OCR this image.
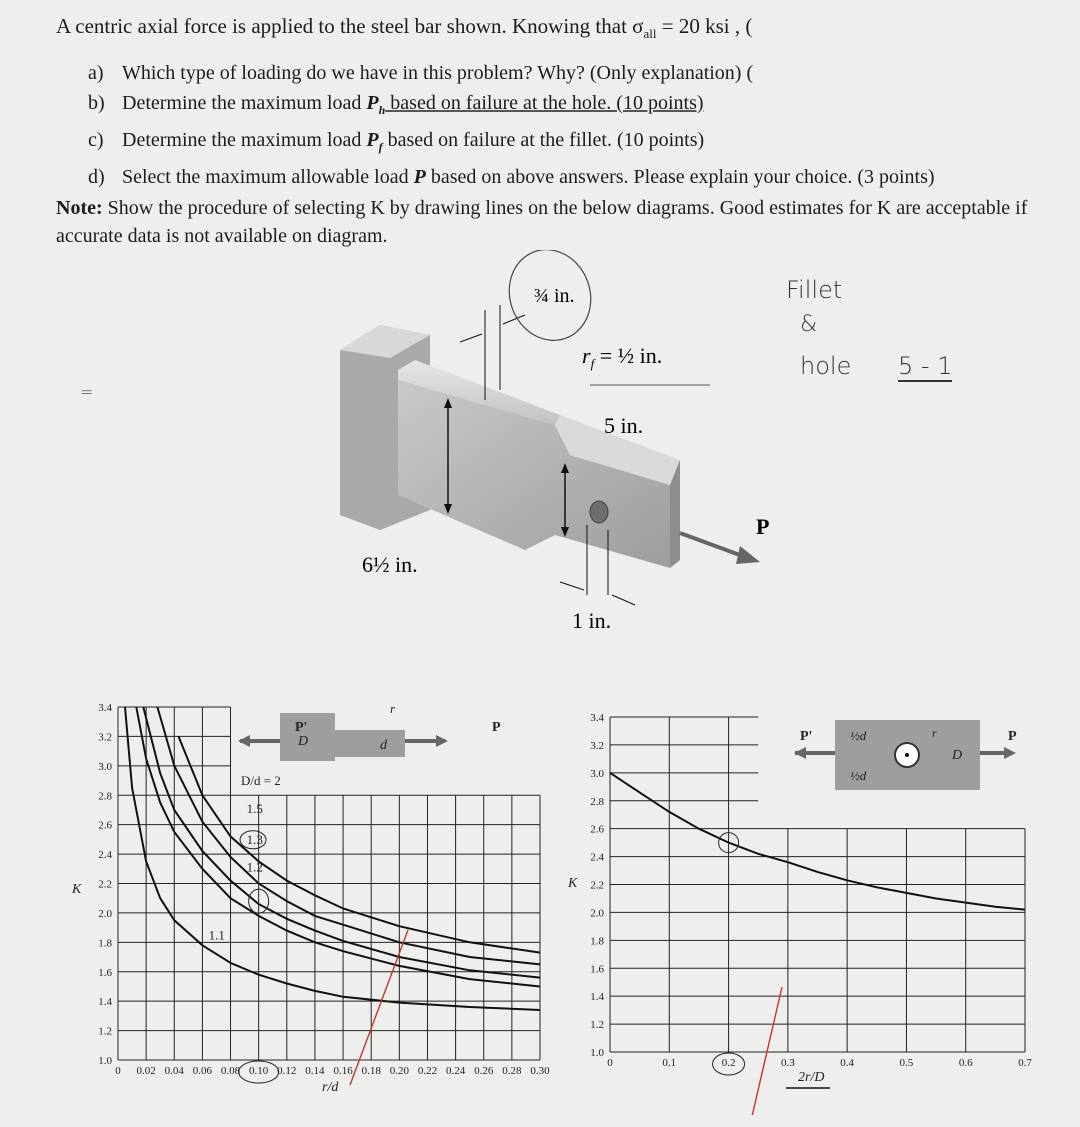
A centric axial force is applied to the steel bar shown. Knowing that $\sigma_{all} = 20$ ksi , (
a) Which type of loading do we have in this problem? Why? (Only explanation) (
b) Determine the maximum load $P_h$ based on failure at the hole. (10 points)
c) Determine the maximum load $P_f$ based on failure at the fillet. (10 points)
d) Select the maximum allowable load P based on above answers. Please explain your choice. (3 points)
Note: Show the procedure of selecting K by drawing lines on the below diagrams. Good estimates for K are acceptable if accurate data is not available on diagram.
¾ in.
$r_f$ = ½ in.
5 in.
6½ in.
1 in.
P
Fillet
&
hole 5 - 1
=
1.0
1.2
1.4
1.6
1.8
2.0
2.2
2.4
2.6
2.8
3.0
3.2
3.4
0 0.02 0.04 0.06 0.08 0.10 0.12 0.14 0.16 0.18 0.20 0.22 0.24 0.26 0.28 0.30
D/d = 2
1.5
1.3
1.2
1.1
D	d
r
P'	P
K
r/d
1.0
1.2
1.4
1.6
1.8
2.0
2.2
2.4
2.6
2.8
3.0
3.2
3.4
0	0.1	0.2	0.3	0.4	0.5	0.6	0.7
½d
½d
D
r
P'	P
K
2r/D
